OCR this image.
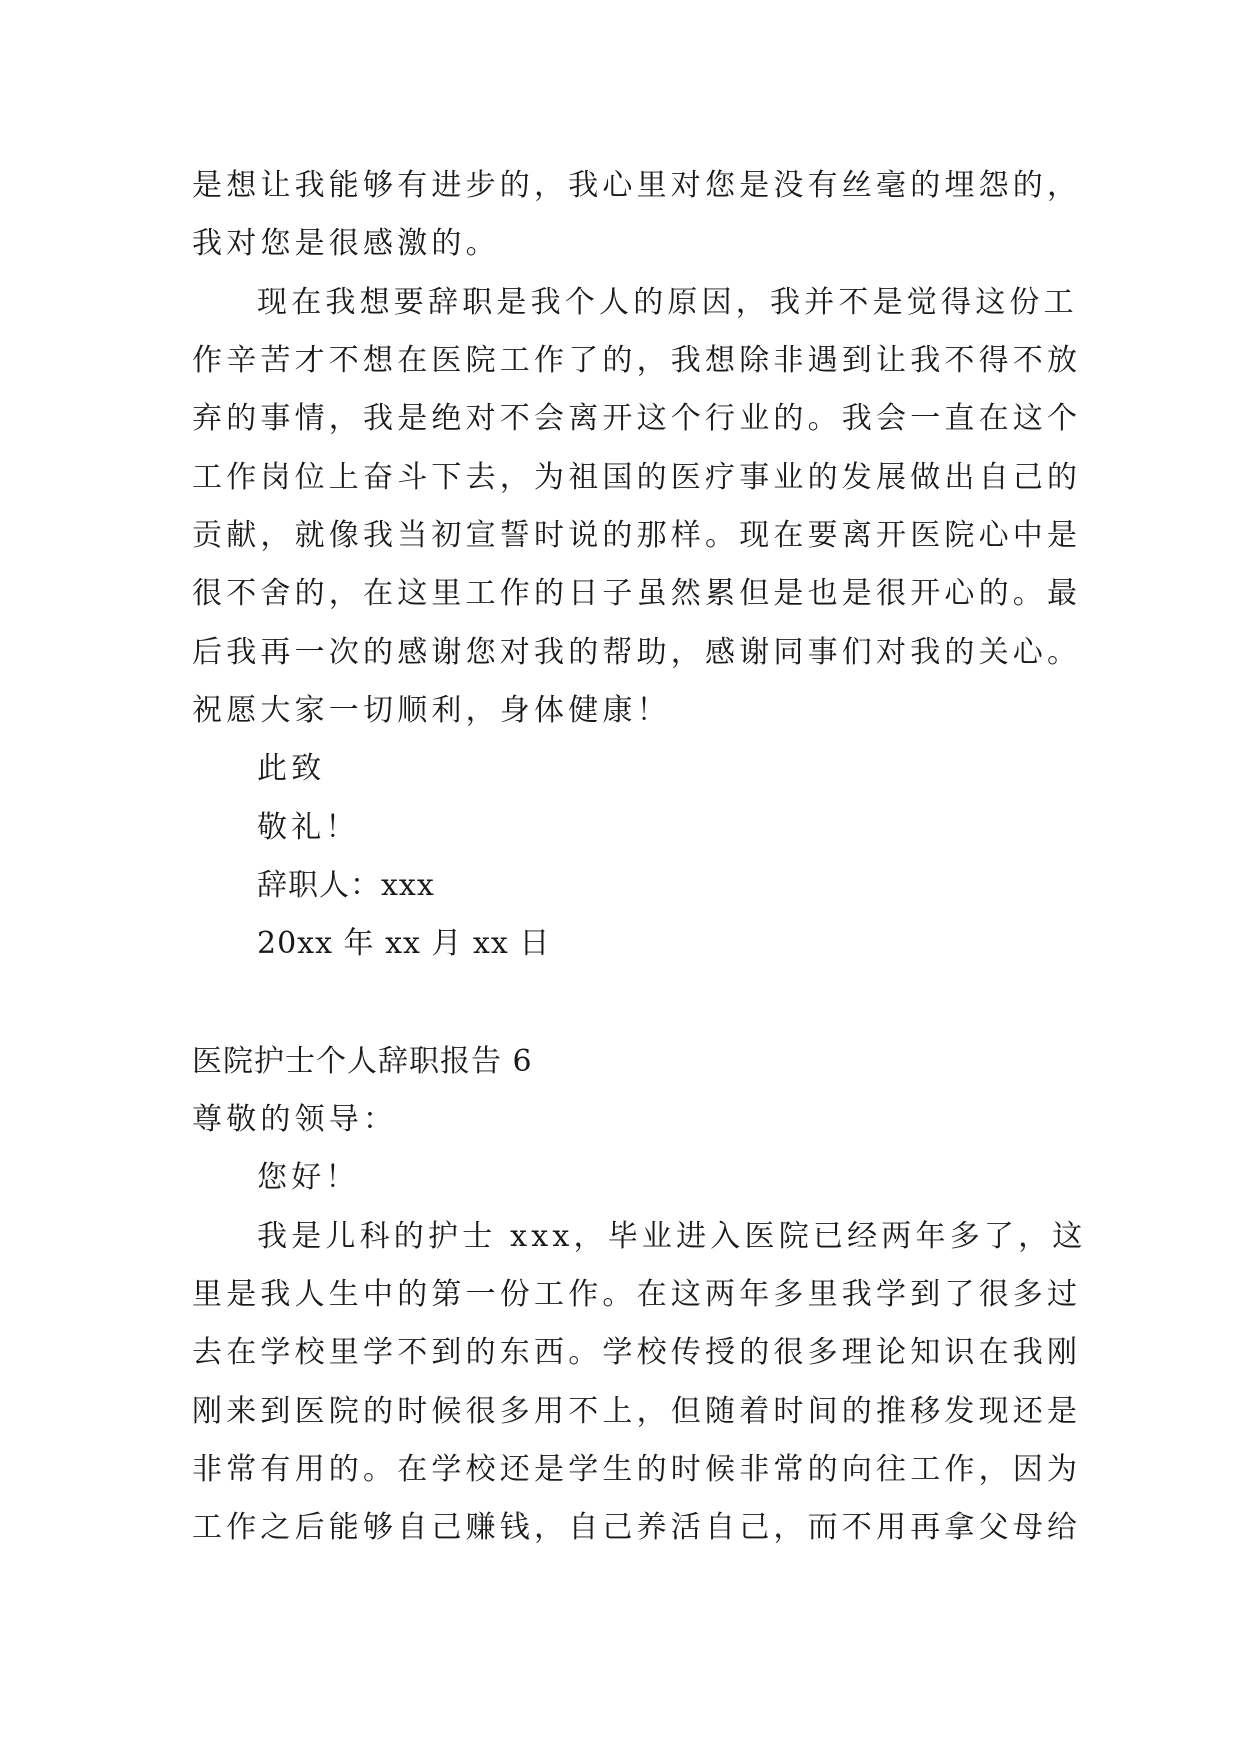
是想让我能够有进步的，我心里对您是没有丝毫的埋怨的，
我对您是很感激的。
现在我想要辞职是我个人的原因，我并不是觉得这份工
作辛苦才不想在医院工作了的，我想除非遇到让我不得不放
弃的事情，我是绝对不会离开这个行业的。我会一直在这个
工作岗位上奋斗下去，为祖国的医疗事业的发展做出自己的
贡献，就像我当初宣誓时说的那样。现在要离开医院心中是
很不舍的，在这里工作的日子虽然累但是也是很开心的。最
后我再一次的感谢您对我的帮助，感谢同事们对我的关心。
祝愿大家一切顺利，身体健康！
此致
敬礼！
辞职人：xxx
20xx 年 xx 月 xx 日
医院护士个人辞职报告 6
尊敬的领导：
您好！
我是儿科的护士 xxx，毕业进入医院已经两年多了，这
里是我人生中的第一份工作。在这两年多里我学到了很多过
去在学校里学不到的东西。学校传授的很多理论知识在我刚
刚来到医院的时候很多用不上，但随着时间的推移发现还是
非常有用的。在学校还是学生的时候非常的向往工作，因为
工作之后能够自己赚钱，自己养活自己，而不用再拿父母给
